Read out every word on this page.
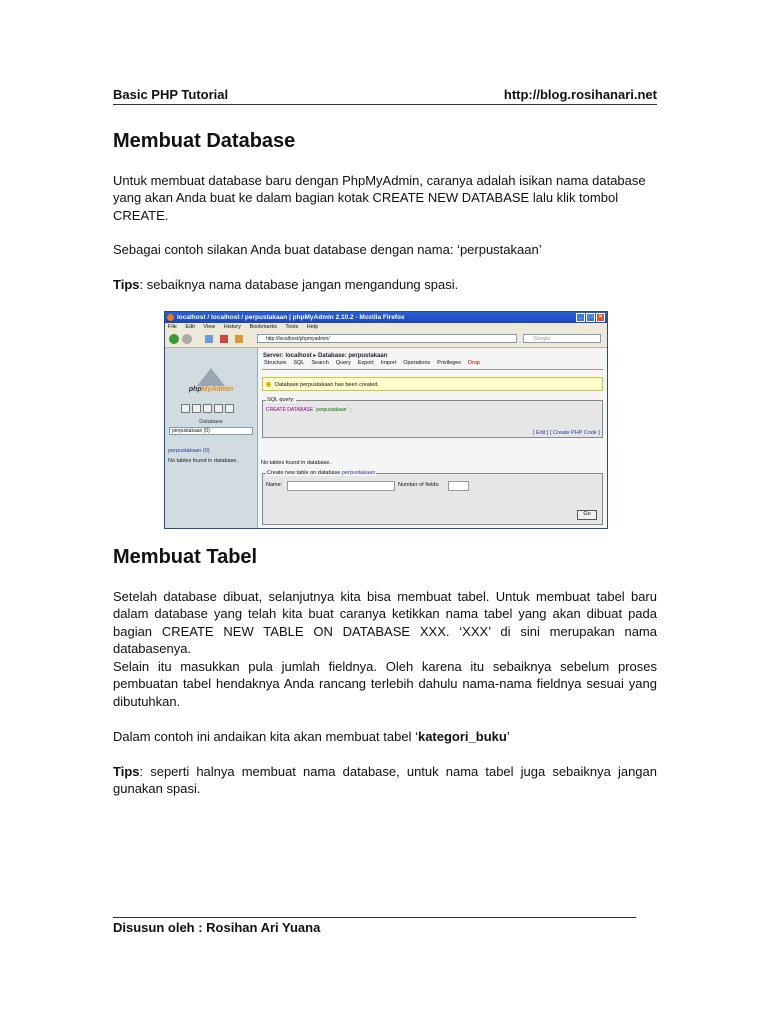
Basic PHP Tutorial	http://blog.rosihanari.net
Membuat Database

Untuk membuat database baru dengan PhpMyAdmin, caranya adalah isikan nama database yang akan Anda buat ke dalam bagian kotak CREATE NEW DATABASE lalu klik tombol CREATE.

Sebagai contoh silakan Anda buat database dengan nama: ‘perpustakaan’

Tips: sebaiknya nama database jangan mengandung spasi.

localhost / localhost / perpustakaan | phpMyAdmin 2.10.2 - Mozilla Firefox	_	□	×
File Edit View History Bookmarks Tools Help
http://localhost/phpmyadmin/	Google
phpMyAdmin
Database
perpustakaan (0)
perpustakaan (0)
No tables found in database.
Server: localhost ▸ Database: perpustakaan
Structure	SQL	Search	Query	Export	Import	Operations	Privileges	Drop
Database perpustakaan has been created.
SQL query:
CREATE DATABASE `perpustakaan` ;
[ Edit ] [ Create PHP Code ]
No tables found in database.
Create new table on database perpustakaan
Name:	Number of fields:
Go
Membuat Tabel

Setelah database dibuat, selanjutnya kita bisa membuat tabel. Untuk membuat tabel baru dalam database yang telah kita buat caranya ketikkan nama tabel yang akan dibuat pada bagian CREATE NEW TABLE ON DATABASE XXX. ‘XXX’ di sini merupakan nama databasenya.

Selain itu masukkan pula jumlah fieldnya. Oleh karena itu sebaiknya sebelum proses pembuatan tabel hendaknya Anda rancang terlebih dahulu nama-nama fieldnya sesuai yang dibutuhkan.

Dalam contoh ini andaikan kita akan membuat tabel ‘kategori_buku’

Tips: seperti halnya membuat nama database, untuk nama tabel juga sebaiknya jangan gunakan spasi.

Disusun oleh : Rosihan Ari Yuana
